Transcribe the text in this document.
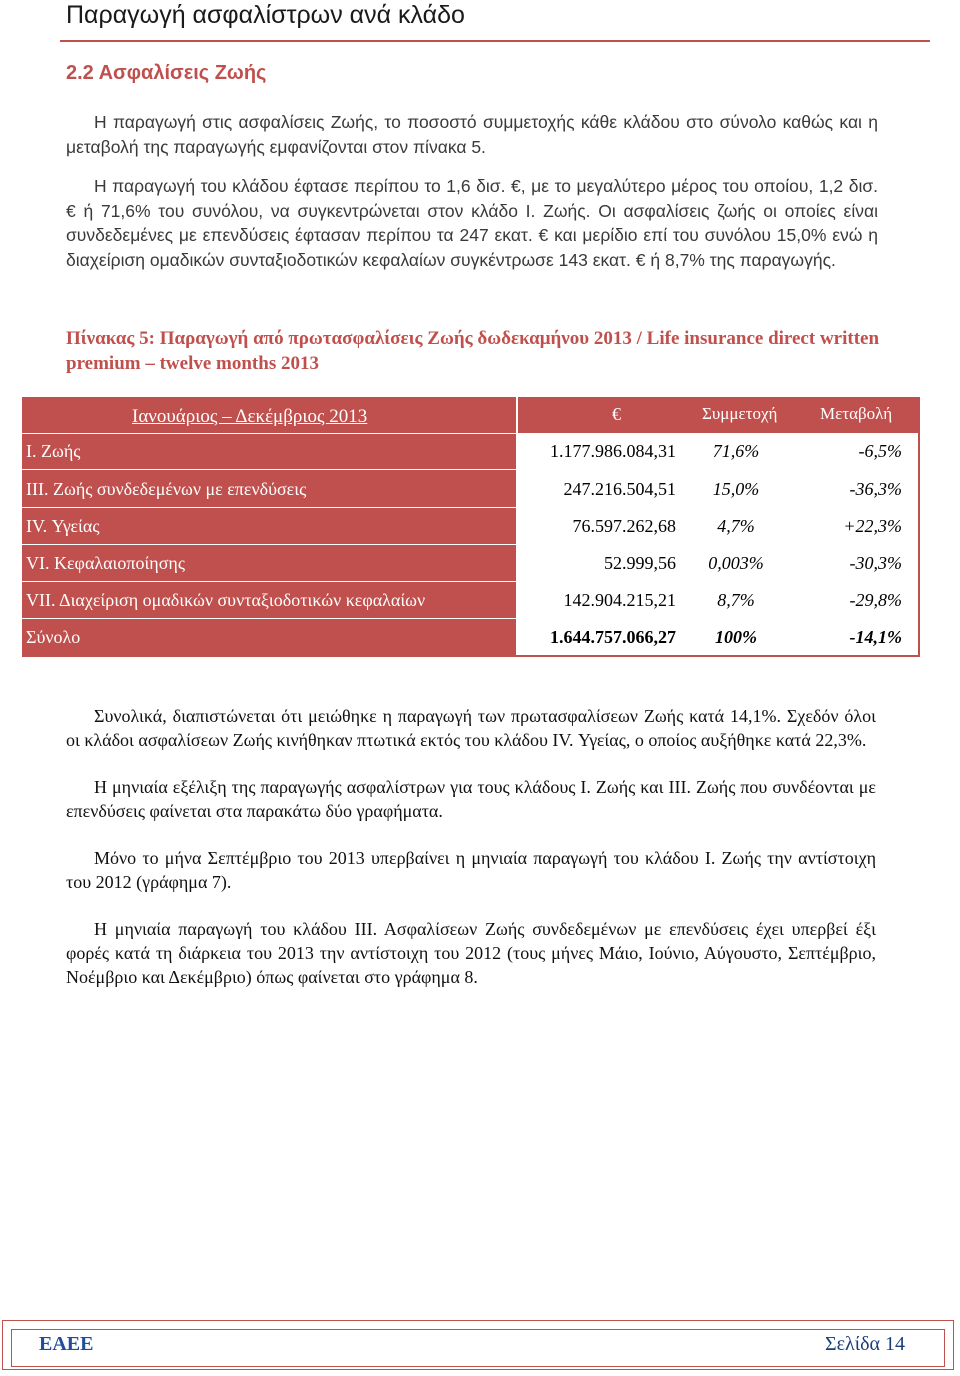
Παραγωγή ασφαλίστρων ανά κλάδο
2.2 Ασφαλίσεις Ζωής

Η παραγωγή στις ασφαλίσεις Ζωής, το ποσοστό συμμετοχής κάθε κλάδου στο σύνολο καθώς και η μεταβολή της παραγωγής εμφανίζονται στον πίνακα 5.

Η παραγωγή του κλάδου έφτασε περίπου το 1,6 δισ. €, με το μεγαλύτερο μέρος του οποίου, 1,2 δισ. € ή 71,6% του συνόλου, να συγκεντρώνεται στον κλάδο Ι. Ζωής. Οι ασφαλίσεις ζωής οι οποίες είναι συνδεδεμένες με επενδύσεις έφτασαν περίπου τα 247 εκατ. € και μερίδιο επί του συνόλου 15,0% ενώ η διαχείριση ομαδικών συνταξιοδοτικών κεφαλαίων συγκέντρωσε 143 εκατ. € ή 8,7% της παραγωγής.

Πίνακας 5: Παραγωγή από πρωτασφαλίσεις Ζωής δωδεκαμήνου 2013 / Life insurance direct written premium – twelve months 2013
Ιανουάριος – Δεκέμβριος 2013	€	Συμμετοχή	Μεταβολή
Ι. Ζωής	1.177.986.084,31	71,6%	-6,5%
ΙΙΙ. Ζωής συνδεδεμένων με επενδύσεις	247.216.504,51	15,0%	-36,3%
ΙV. Υγείας	76.597.262,68	4,7%	+22,3%
VΙ. Κεφαλαιοποίησης	52.999,56	0,003%	-30,3%
VΙΙ. Διαχείριση ομαδικών συνταξιοδοτικών κεφαλαίων	142.904.215,21	8,7%	-29,8%
Σύνολο	1.644.757.066,27	100%	-14,1%

Συνολικά, διαπιστώνεται ότι μειώθηκε η παραγωγή των πρωτασφαλίσεων Ζωής κατά 14,1%. Σχεδόν όλοι οι κλάδοι ασφαλίσεων Ζωής κινήθηκαν πτωτικά εκτός του κλάδου IV. Υγείας, ο οποίος αυξήθηκε κατά 22,3%.

Η μηνιαία εξέλιξη της παραγωγής ασφαλίστρων για τους κλάδους Ι. Ζωής και ΙΙΙ. Ζωής που συνδέονται με επενδύσεις φαίνεται στα παρακάτω δύο γραφήματα.

Μόνο το μήνα Σεπτέμβριο του 2013 υπερβαίνει η μηνιαία παραγωγή του κλάδου Ι. Ζωής την αντίστοιχη του 2012 (γράφημα 7).

Η μηνιαία παραγωγή του κλάδου ΙΙΙ. Ασφαλίσεων Ζωής συνδεδεμένων με επενδύσεις έχει υπερβεί έξι φορές κατά τη διάρκεια του 2013 την αντίστοιχη του 2012 (τους μήνες Μάιο, Ιούνιο, Αύγουστο, Σεπτέμβριο, Νοέμβριο και Δεκέμβριο) όπως φαίνεται στο γράφημα 8.

ΕΑΕΕ	Σελίδα 14
